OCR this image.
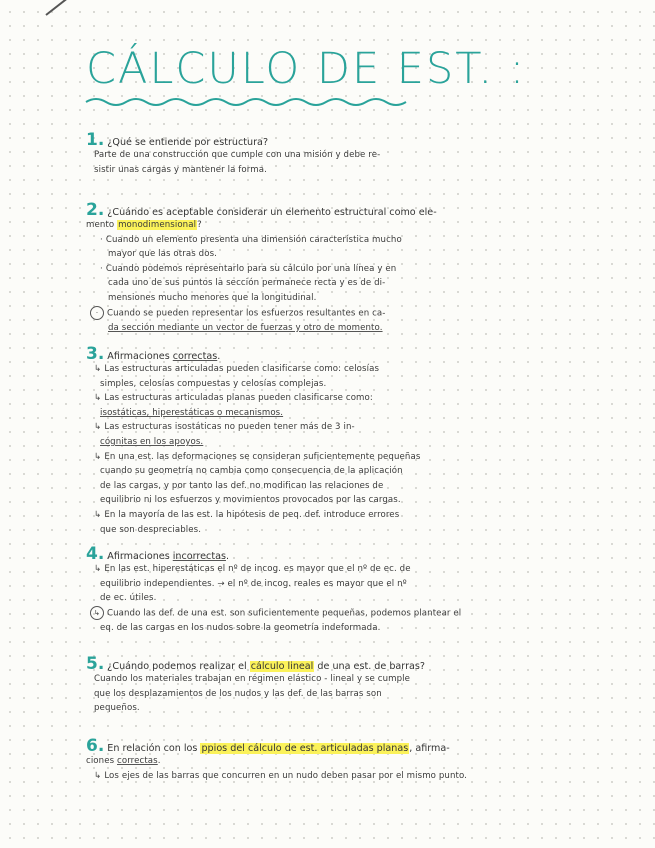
CÁLCULO DE EST. :
1. ¿Qué se entiende por estructura?
Parte de una construcción que cumple con una misión y debe re-
sistir unas cargas y mantener la forma.
2. ¿Cuándo es aceptable considerar un elemento estructural como ele-
mento monodimensional?
· Cuando un elemento presenta una dimensión característica mucho
mayor que las otras dos.
· Cuando podemos representarlo para su cálculo por una línea y en
cada uno de sus puntos la sección permanece recta y es de di-
mensiones mucho menores que la longitudinal.
· Cuando se pueden representar los esfuerzos resultantes en ca-
da sección mediante un vector de fuerzas y otro de momento.
3. Afirmaciones correctas.
↳ Las estructuras articuladas pueden clasificarse como: celosías
simples, celosías compuestas y celosías complejas.
↳ Las estructuras articuladas planas pueden clasificarse como:
isostáticas, hiperestáticas o mecanismos.
↳ Las estructuras isostáticas no pueden tener más de 3 in-
cógnitas en los apoyos.
↳ En una est. las deformaciones se consideran suficientemente pequeñas
cuando su geometría no cambia como consecuencia de la aplicación
de las cargas, y por tanto las def. no modifican las relaciones de
equilibrio ni los esfuerzos y movimientos provocados por las cargas.
↳ En la mayoría de las est. la hipótesis de peq. def. introduce errores
que son despreciables.
4. Afirmaciones incorrectas.
↳ En las est. hiperestáticas el nº de incog. es mayor que el nº de ec. de
equilibrio independientes. → el nº de incog. reales es mayor que el nº
de ec. útiles.
↳ Cuando las def. de una est. son suficientemente pequeñas, podemos plantear el
eq. de las cargas en los nudos sobre la geometría indeformada.
5. ¿Cuándo podemos realizar el cálculo lineal de una est. de barras?
Cuando los materiales trabajan en régimen elástico - lineal y se cumple
que los desplazamientos de los nudos y las def. de las barras son
pequeños.
6. En relación con los ppios del cálculo de est. articuladas planas, afirma-
ciones correctas.
↳ Los ejes de las barras que concurren en un nudo deben pasar por el mismo punto.
